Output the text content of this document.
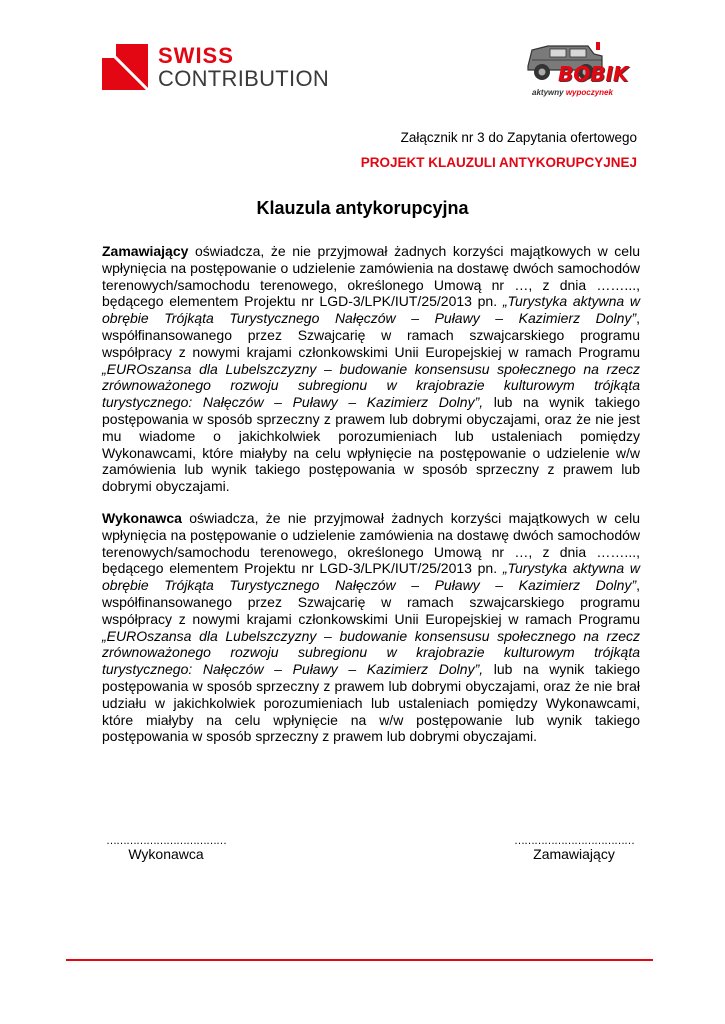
SWISS
CONTRIBUTION	BOBIK
aktywny wypoczynek
Załącznik nr 3 do Zapytania ofertowego
PROJEKT KLAUZULI ANTYKORUPCYJNEJ
Klauzula antykorupcyjna
Zamawiający oświadcza, że nie przyjmował żadnych korzyści majątkowych w celu wpłynięcia na postępowanie o udzielenie zamówienia na dostawę dwóch samochodów terenowych/samochodu terenowego, określonego Umową nr …, z dnia ……..., będącego elementem Projektu nr LGD-3/LPK/IUT/25/2013 pn. „Turystyka aktywna w obrębie Trójkąta Turystycznego Nałęczów – Puławy – Kazimierz Dolny”, współfinansowanego przez Szwajcarię w ramach szwajcarskiego programu współpracy z nowymi krajami członkowskimi Unii Europejskiej w ramach Programu „EUROszansa dla Lubelszczyzny – budowanie konsensusu społecznego na rzecz zrównoważonego rozwoju subregionu w krajobrazie kulturowym trójkąta turystycznego: Nałęczów – Puławy – Kazimierz Dolny”, lub na wynik takiego postępowania w sposób sprzeczny z prawem lub dobrymi obyczajami, oraz że nie jest mu wiadome o jakichkolwiek porozumieniach lub ustaleniach pomiędzy Wykonawcami, które miałyby na celu wpłynięcie na postępowanie o udzielenie w/w zamówienia lub wynik takiego postępowania w sposób sprzeczny z prawem lub dobrymi obyczajami.
Wykonawca oświadcza, że nie przyjmował żadnych korzyści majątkowych w celu wpłynięcia na postępowanie o udzielenie zamówienia na dostawę dwóch samochodów terenowych/samochodu terenowego, określonego Umową nr …, z dnia ……..., będącego elementem Projektu nr LGD-3/LPK/IUT/25/2013 pn. „Turystyka aktywna w obrębie Trójkąta Turystycznego Nałęczów – Puławy – Kazimierz Dolny”, współfinansowanego przez Szwajcarię w ramach szwajcarskiego programu współpracy z nowymi krajami członkowskimi Unii Europejskiej w ramach Programu „EUROszansa dla Lubelszczyzny – budowanie konsensusu społecznego na rzecz zrównoważonego rozwoju subregionu w krajobrazie kulturowym trójkąta turystycznego: Nałęczów – Puławy – Kazimierz Dolny”, lub na wynik takiego postępowania w sposób sprzeczny z prawem lub dobrymi obyczajami, oraz że nie brał udziału w jakichkolwiek porozumieniach lub ustaleniach pomiędzy Wykonawcami, które miałyby na celu wpłynięcie na w/w postępowanie lub wynik takiego postępowania w sposób sprzeczny z prawem lub dobrymi obyczajami.
………………………………
Wykonawca
………………………………
Zamawiający
